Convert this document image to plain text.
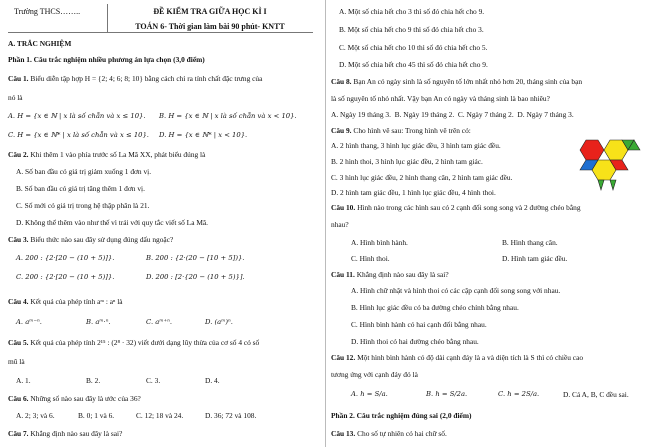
Trường THCS……..	ĐỀ KIỂM TRA GIỮA HỌC KÌ I
TOÁN 6- Thời gian làm bài 90 phút- KNTT
A. TRẮC NGHIỆM
Phần 1. Câu trắc nghiệm nhiều phương án lựa chọn (3,0 điểm)
Câu 1. Biểu diễn tập hợp H = {2; 4; 6; 8; 10} bằng cách chỉ ra tính chất đặc trưng của
nó là
A. H = {x ∈ ℕ | x là số chẵn và x ≤ 10}. B. H = {x ∈ ℕ | x là số chẵn và x < 10}.
C. H = {x ∈ ℕ* | x là số chẵn và x ≤ 10}. D. H = {x ∈ ℕ* | x < 10}.
Câu 2. Khi thêm 1 vào phía trước số La Mã XX, phát biểu đúng là
A. Số ban đầu có giá trị giảm xuống 1 đơn vị.
B. Số ban đầu có giá trị tăng thêm 1 đơn vị.
C. Số mới có giá trị trong hệ thập phân là 21.
D. Không thể thêm vào như thế vì trái với quy tắc viết số La Mã.
Câu 3. Biểu thức nào sau đây sử dụng đúng dấu ngoặc?
A. 200 : {2·[20 − (10 + 5)]}.	B. 200 : {2·(20 − [10 + 5])}.
C. 200 : {2·[20 − (10 + 5)]}.	D. 200 : [2·{20 − (10 + 5)}].
Câu 4. Kết quả của phép tính aᵐ : aⁿ là
A. aᵐ⁻ⁿ.	B. aᵐ·ⁿ.	C. aᵐ⁺ⁿ.	D. (aᵐ)ⁿ.
Câu 5. Kết quả của phép tính 2¹⁵ : (2⁸ · 32) viết dưới dạng lũy thừa của cơ số 4 có số
mũ là
A. 1.	B. 2.	C. 3.	D. 4.
Câu 6. Những số nào sau đây là ước của 36?
A. 2; 3; và 6.	B. 0; 1 và 6.	C. 12; 18 và 24.	D. 36; 72 và 108.
Câu 7. Khẳng định nào sau đây là sai?
A. Một số chia hết cho 3 thì số đó chia hết cho 9.
B. Một số chia hết cho 9 thì số đó chia hết cho 3.
C. Một số chia hết cho 10 thì số đó chia hết cho 5.
D. Một số chia hết cho 45 thì số đó chia hết cho 9.
Câu 8. Bạn An có ngày sinh là số nguyên tố lớn nhất nhỏ hơn 20, tháng sinh của bạn
là số nguyên tố nhỏ nhất. Vậy bạn An có ngày và tháng sinh là bao nhiêu?
A. Ngày 19 tháng 3. B. Ngày 19 tháng 2. C. Ngày 7 tháng 2. D. Ngày 7 tháng 3.
Câu 9. Cho hình vẽ sau: Trong hình vẽ trên có:
A. 2 hình thang, 3 hình lục giác đều, 3 hình tam giác đều.
B. 2 hình thoi, 3 hình lục giác đều, 2 hình tam giác.
C. 3 hình lục giác đều, 2 hình thang cân, 2 hình tam giác đều.
D. 2 hình tam giác đều, 1 hình lục giác đều, 4 hình thoi.
Câu 10. Hình nào trong các hình sau có 2 cạnh đối song song và 2 đường chéo bằng
nhau?
A. Hình bình hành.	B. Hình thang cân.
C. Hình thoi.	D. Hình tam giác đều.
Câu 11. Khẳng định nào sau đây là sai?
A. Hình chữ nhật và hình thoi có các cặp cạnh đối song song với nhau.
B. Hình lục giác đều có ba đường chéo chính bằng nhau.
C. Hình bình hành có hai cạnh đối bằng nhau.
D. Hình thoi có hai đường chéo bằng nhau.
Câu 12. Một hình bình hành có độ dài cạnh đáy là a và diện tích là S thì có chiều cao
tương ứng với cạnh đáy đó là
A. h = S/a.	B. h = S/2a.	C. h = 2S/a.	D. Cả A, B, C đều sai.
Phần 2. Câu trắc nghiệm đúng sai (2,0 điểm)
Câu 13. Cho số tự nhiên có hai chữ số.
